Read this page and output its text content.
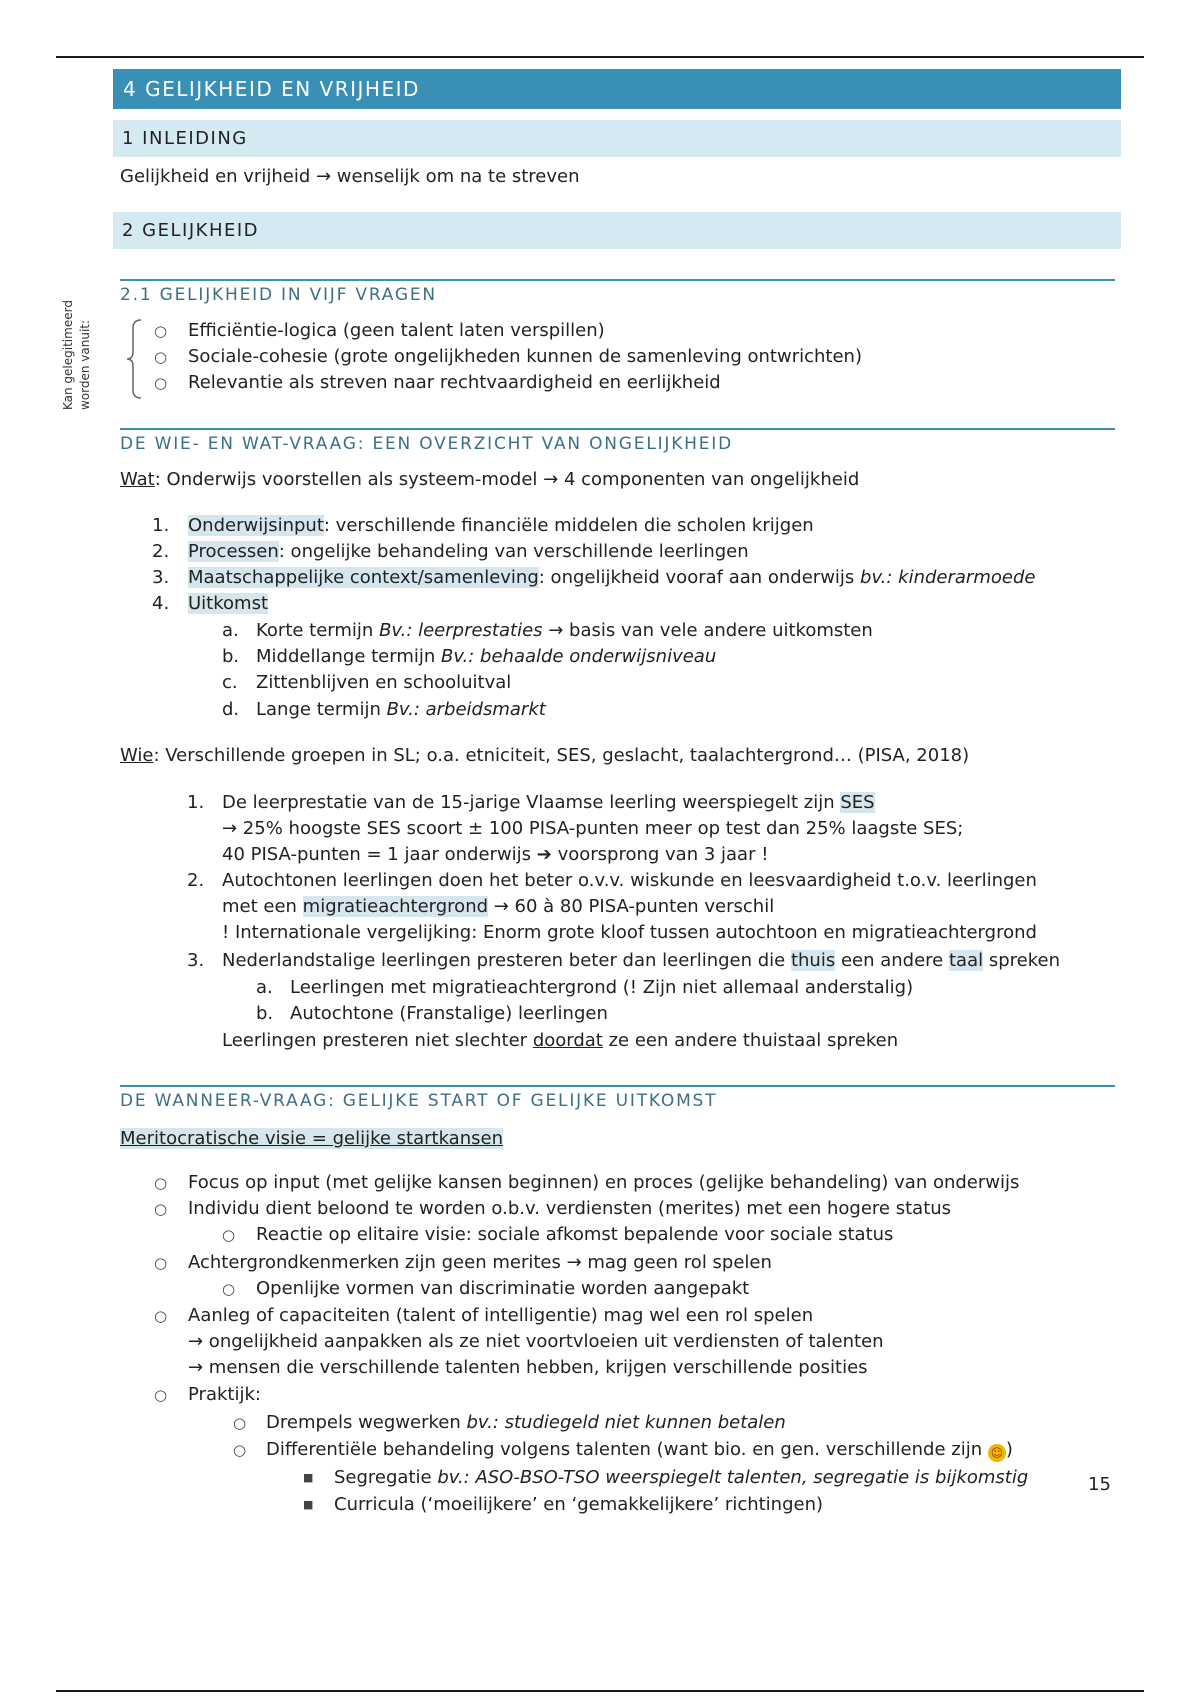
4 GELIJKHEID EN VRIJHEID
1 INLEIDING
Gelijkheid en vrijheid → wenselijk om na te streven
2 GELIJKHEID
2.1 GELIJKHEID IN VIJF VRAGEN
Kan gelegitimeerd worden vanuit:	○ Efficiëntie-logica (geen talent laten verspillen)
○ Sociale-cohesie (grote ongelijkheden kunnen de samenleving ontwrichten)
○ Relevantie als streven naar rechtvaardigheid en eerlijkheid
DE WIE- EN WAT-VRAAG: EEN OVERZICHT VAN ONGELIJKHEID
Wat: Onderwijs voorstellen als systeem-model → 4 componenten van ongelijkheid
1. Onderwijsinput: verschillende financiële middelen die scholen krijgen
2. Processen: ongelijke behandeling van verschillende leerlingen
3. Maatschappelijke context/samenleving: ongelijkheid vooraf aan onderwijs bv.: kinderarmoede
4. Uitkomst
a. Korte termijn Bv.: leerprestaties → basis van vele andere uitkomsten
b. Middellange termijn Bv.: behaalde onderwijsniveau
c. Zittenblijven en schooluitval
d. Lange termijn Bv.: arbeidsmarkt
Wie: Verschillende groepen in SL; o.a. etniciteit, SES, geslacht, taalachtergrond… (PISA, 2018)
1. De leerprestatie van de 15-jarige Vlaamse leerling weerspiegelt zijn SES
→ 25% hoogste SES scoort ± 100 PISA-punten meer op test dan 25% laagste SES;
40 PISA-punten = 1 jaar onderwijs ➔ voorsprong van 3 jaar !
2. Autochtonen leerlingen doen het beter o.v.v. wiskunde en leesvaardigheid t.o.v. leerlingen
met een migratieachtergrond → 60 à 80 PISA-punten verschil
! Internationale vergelijking: Enorm grote kloof tussen autochtoon en migratieachtergrond
3. Nederlandstalige leerlingen presteren beter dan leerlingen die thuis een andere taal spreken
a. Leerlingen met migratieachtergrond (! Zijn niet allemaal anderstalig)
b. Autochtone (Franstalige) leerlingen
Leerlingen presteren niet slechter doordat ze een andere thuistaal spreken
DE WANNEER-VRAAG: GELIJKE START OF GELIJKE UITKOMST
Meritocratische visie = gelijke startkansen
○ Focus op input (met gelijke kansen beginnen) en proces (gelijke behandeling) van onderwijs
○ Individu dient beloond te worden o.b.v. verdiensten (merites) met een hogere status
○ Reactie op elitaire visie: sociale afkomst bepalende voor sociale status
○ Achtergrondkenmerken zijn geen merites → mag geen rol spelen
○ Openlijke vormen van discriminatie worden aangepakt
○ Aanleg of capaciteiten (talent of intelligentie) mag wel een rol spelen
→ ongelijkheid aanpakken als ze niet voortvloeien uit verdiensten of talenten
→ mensen die verschillende talenten hebben, krijgen verschillende posities
○ Praktijk:
○ Drempels wegwerken bv.: studiegeld niet kunnen betalen
○ Differentiële behandeling volgens talenten (want bio. en gen. verschillende zijn ☺ )
■ Segregatie bv.: ASO-BSO-TSO weerspiegelt talenten, segregatie is bijkomstig
■ Curricula (‘moeilijkere’ en ‘gemakkelijkere’ richtingen)
15
